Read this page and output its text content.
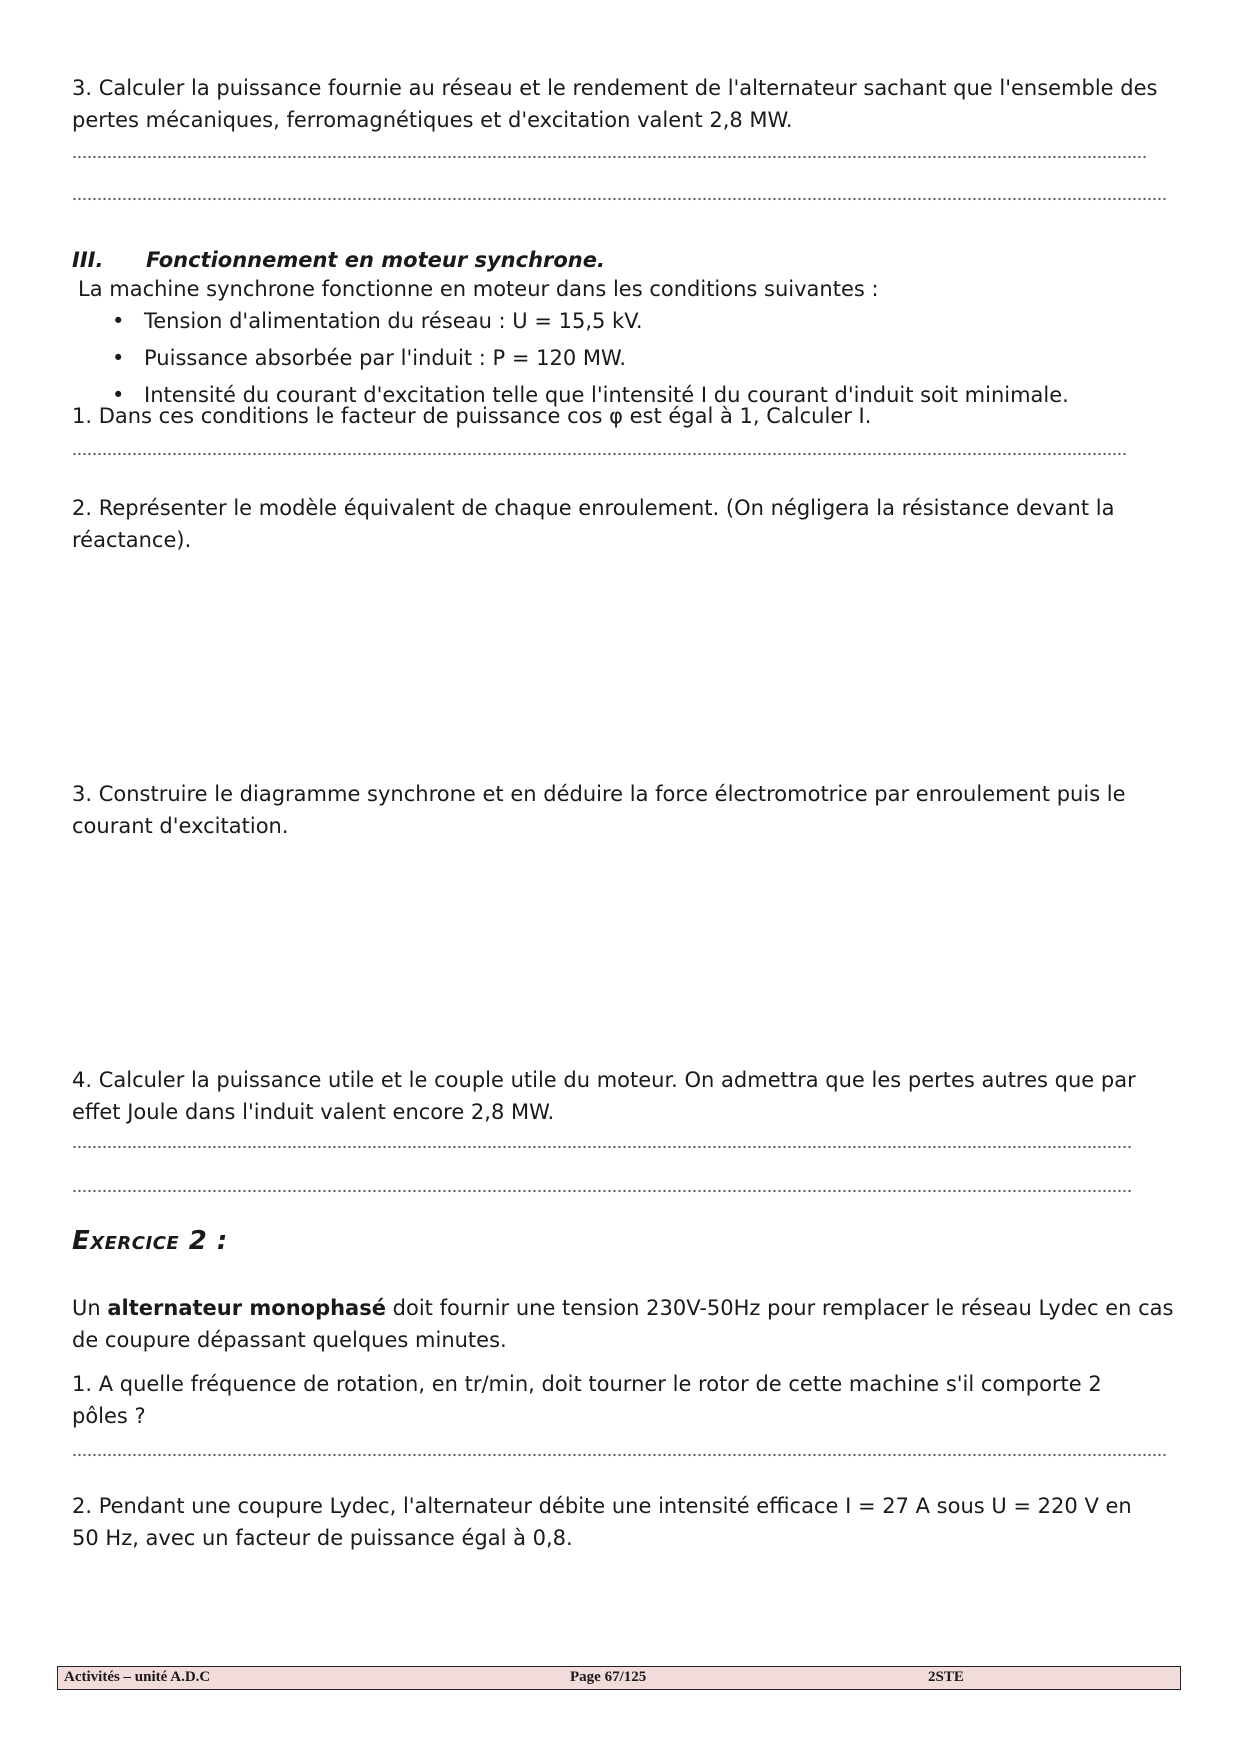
3. Calculer la puissance fournie au réseau et le rendement de l'alternateur sachant que l'ensemble des
pertes mécaniques, ferromagnétiques et d'excitation valent 2,8 MW.
III. Fonctionnement en moteur synchrone.
La machine synchrone fonctionne en moteur dans les conditions suivantes :
• Tension d'alimentation du réseau : U = 15,5 kV.
• Puissance absorbée par l'induit : P = 120 MW.
• Intensité du courant d'excitation telle que l'intensité I du courant d'induit soit minimale.
1. Dans ces conditions le facteur de puissance cos φ est égal à 1, Calculer I.
2. Représenter le modèle équivalent de chaque enroulement. (On négligera la résistance devant la
réactance).
3. Construire le diagramme synchrone et en déduire la force électromotrice par enroulement puis le
courant d'excitation.
4. Calculer la puissance utile et le couple utile du moteur. On admettra que les pertes autres que par
effet Joule dans l'induit valent encore 2,8 MW.
Exercice 2 :
Un alternateur monophasé doit fournir une tension 230V-50Hz pour remplacer le réseau Lydec en cas
de coupure dépassant quelques minutes.
1. A quelle fréquence de rotation, en tr/min, doit tourner le rotor de cette machine s'il comporte 2
pôles ?
2. Pendant une coupure Lydec, l'alternateur débite une intensité efficace I = 27 A sous U = 220 V en
50 Hz, avec un facteur de puissance égal à 0,8.
Activités – unité A.D.C	Page 67/125	2STE
